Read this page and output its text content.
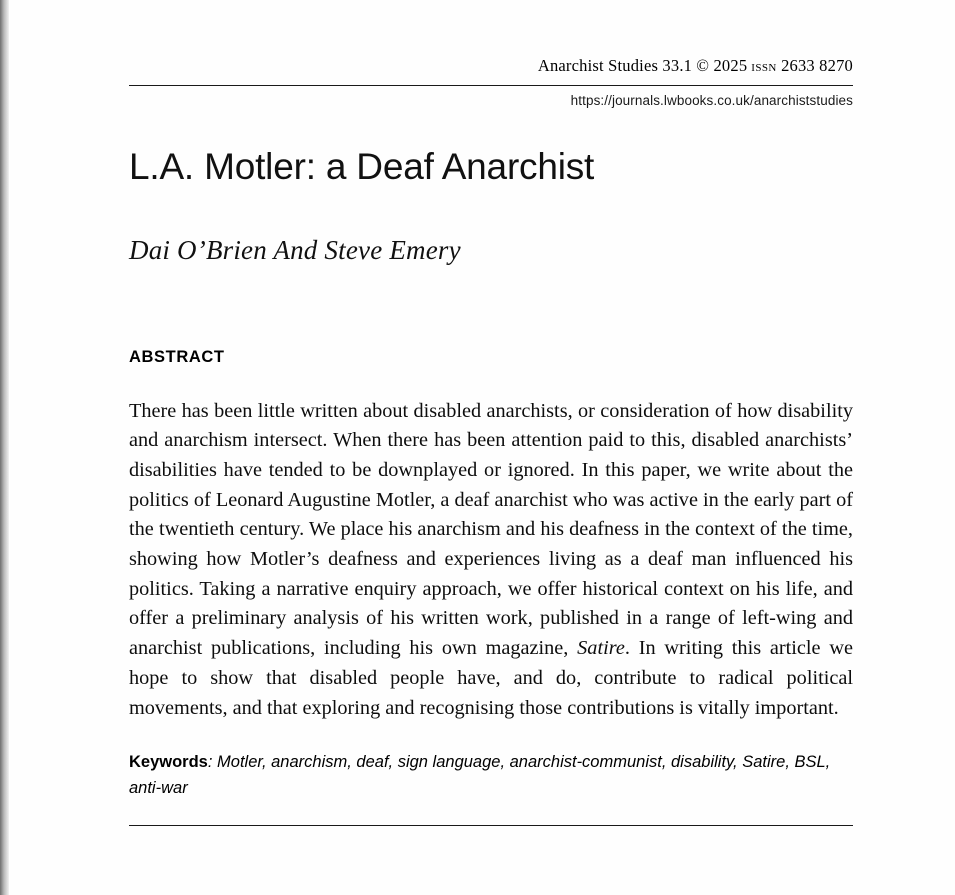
Anarchist Studies 33.1 © 2025 issn 2633 8270
https://journals.lwbooks.co.uk/anarchiststudies
L.A. Motler: a Deaf Anarchist
Dai O’Brien And Steve Emery
ABSTRACT
There has been little written about disabled anarchists, or consideration of how disability and anarchism intersect. When there has been attention paid to this, disabled anarchists’ disabilities have tended to be downplayed or ignored. In this paper, we write about the politics of Leonard Augustine Motler, a deaf anarchist who was active in the early part of the twentieth century. We place his anarchism and his deafness in the context of the time, showing how Motler’s deafness and experiences living as a deaf man influenced his politics. Taking a narrative enquiry approach, we offer historical context on his life, and offer a preliminary analysis of his written work, published in a range of left-wing and anarchist publications, including his own magazine, Satire. In writing this article we hope to show that disabled people have, and do, contribute to radical political movements, and that exploring and recognising those contributions is vitally important.
Keywords: Motler, anarchism, deaf, sign language, anarchist-communist, disability, Satire, BSL, anti-war
